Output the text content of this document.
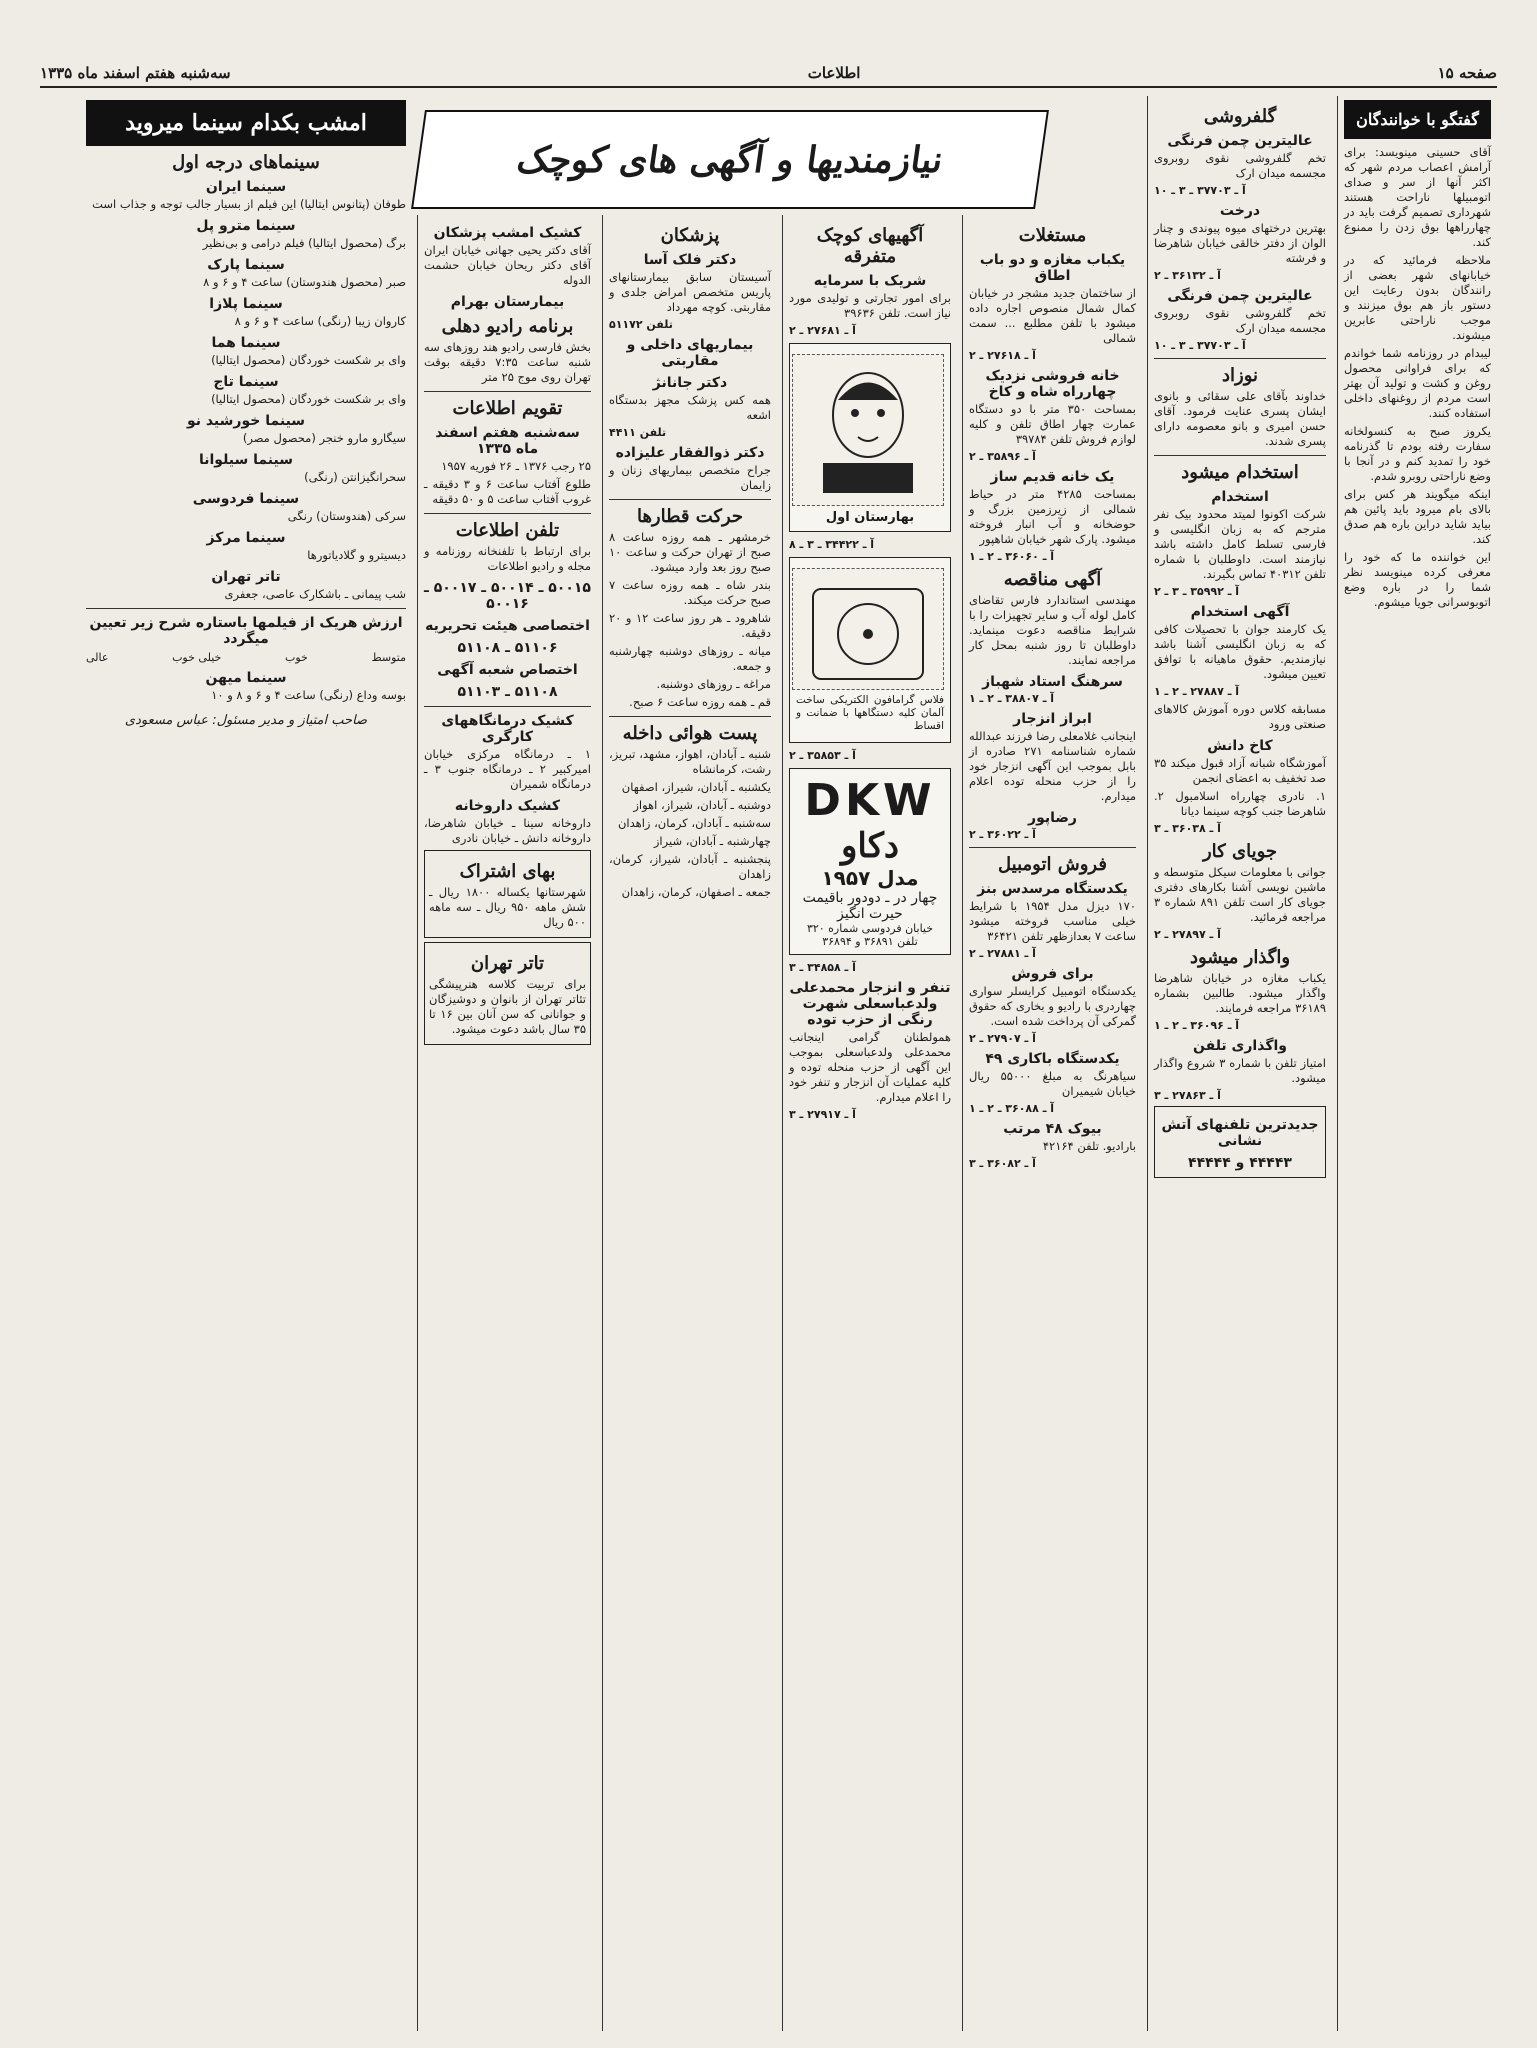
صفحه ۱۵
اطلاعات
سه‌شنبه هفتم اسفند ماه ۱۳۳۵
گفتگو با خوانندگان

آقای حسینی مینویسد: برای آرامش اعصاب مردم شهر که اکثر آنها از سر و صدای اتومبیلها ناراحت هستند شهرداری تصمیم گرفت باید در چهارراهها بوق زدن را ممنوع کند.

ملاحظه فرمائید که در خیابانهای شهر بعضی از رانندگان بدون رعایت این دستور باز هم بوق میزنند و موجب ناراحتی عابرین میشوند.

لیبدام در روزنامه شما خواندم که برای فراوانی محصول روغن و کشت و تولید آن بهتر است مردم از روغنهای داخلی استفاده کنند.

یکروز صبح به کنسولخانه سفارت رفته بودم تا گذرنامه خود را تمدید کنم و در آنجا با وضع ناراحتی روبرو شدم.

اینکه میگویند هر کس برای بالای بام میرود باید پائین هم بیاید شاید دراین باره هم صدق کند.

این خواننده ما که خود را معرفی کرده مینویسد نظر شما را در باره وضع اتوبوسرانی جویا میشوم.

گلفروشی
عالیترین چمن فرنگی

تخم گلفروشی نقوی روبروی مجسمه میدان ارک

آ ـ ۳۷۷۰۳ ـ ۳ ـ ۱۰
درخت

بهترین درختهای میوه پیوندی و چنار الوان از دفتر خالقی خیابان شاهرضا و فرشته

آ ـ ۳۶۱۳۲ ـ ۲
عالیترین چمن فرنگی

تخم گلفروشی نقوی روبروی مجسمه میدان ارک

آ ـ ۳۷۷۰۳ ـ ۳ ـ ۱۰
نوزاد

خداوند بآقای علی سقائی و بانوی ایشان پسری عنایت فرمود. آقای حسن امیری و بانو معصومه دارای پسری شدند.

استخدام میشود
استخدام

شرکت اکونوا لمیتد محدود بیک نفر مترجم که به زبان انگلیسی و فارسی تسلط کامل داشته باشد نیازمند است. داوطلبان با شماره تلفن ۴۰۳۱۲ تماس بگیرند.

آ ـ ۳۵۹۹۲ ـ ۳ ـ ۲
آگهی استخدام

یک کارمند جوان با تحصیلات کافی که به زبان انگلیسی آشنا باشد نیازمندیم. حقوق ماهیانه با توافق تعیین میشود.

آ ـ ۲۷۸۸۷ ـ ۲ ـ ۱

مسابقه کلاس دوره آموزش کالاهای صنعتی ورود

کاخ دانش

آموزشگاه شبانه آزاد قبول میکند ۳۵ صد تخفیف به اعضای انجمن

۱. نادری چهارراه اسلامبول ۲. شاهرضا جنب کوچه سینما دیانا

آ ـ ۳۶۰۳۸ ـ ۳
جویای کار

جوانی با معلومات سیکل متوسطه و ماشین نویسی آشنا بکارهای دفتری جویای کار است تلفن ۸۹۱ شماره ۳ مراجعه فرمائید.

آ ـ ۲۷۸۹۷ ـ ۲
واگذار میشود

یکباب مغازه در خیابان شاهرضا واگذار میشود. طالبین بشماره ۳۶۱۸۹ مراجعه فرمایند.

آ ـ ۳۶۰۹۶ ـ ۲ ـ ۱
واگذاری تلفن

امتیاز تلفن با شماره ۳ شروع واگذار میشود.

آ ـ ۲۷۸۶۳ ـ ۳
جدیدترین تلفنهای آتش نشانی
۴۴۴۴۳ و ۴۴۴۴۴
نیازمندیها و آگهی های کوچک
مستغلات
یکباب مغازه و دو باب اطاق

از ساختمان جدید مشجر در خیابان کمال شمال منصوص اجاره داده میشود با تلفن مطلبع ... سمت شمالی

آ ـ ۲۷۶۱۸ ـ ۲
خانه فروشی نزدیک چهارراه شاه و کاخ

بمساحت ۳۵۰ متر با دو دستگاه عمارت چهار اطاق تلفن و کلیه لوازم فروش تلفن ۳۹۷۸۴

آ ـ ۳۵۸۹۶ ـ ۲
یک خانه قدیم ساز

بمساحت ۴۲۸۵ متر در حیاط شمالی از زیرزمین بزرگ و حوضخانه و آب انبار فروخته میشود. پارک شهر خیابان شاهپور

آ ـ ۳۶۰۶۰ ـ ۲ ـ ۱
آگهی مناقصه

مهندسی استاندارد فارس تقاضای کامل لوله آب و سایر تجهیزات را با شرایط مناقصه دعوت مینماید. داوطلبان تا روز شنبه بمحل کار مراجعه نمایند.

سرهنگ استاد شهباز
آ ـ ۳۸۸۰۷ ـ ۲ ـ ۱
ابراز انزجار

اینجانب غلامعلی رضا فرزند عبدالله شماره شناسنامه ۲۷۱ صادره از بابل بموجب این آگهی انزجار خود را از حزب منحله توده اعلام میدارم.

رضاپور
آ ـ ۳۶۰۲۲ ـ ۲
فروش اتومبیل
یکدستگاه مرسدس بنز

۱۷۰ دیزل مدل ۱۹۵۴ با شرایط خیلی مناسب فروخته میشود ساعت ۷ بعدازظهر تلفن ۳۶۴۲۱

آ ـ ۲۷۸۸۱ ـ ۲
برای فروش

یکدستگاه اتومبیل کرایسلر سواری چهاردری با رادیو و بخاری که حقوق گمرکی آن پرداخت شده است.

آ ـ ۲۷۹۰۷ ـ ۲
یکدستگاه باکاری ۴۹

سیاهرنگ به مبلغ ۵۵۰۰۰ ریال خیابان شیمیران

آ ـ ۳۶۰۸۸ ـ ۲ ـ ۱
بیوک ۴۸ مرتب

بارادیو. تلفن ۴۲۱۶۴

آ ـ ۳۶۰۸۲ ـ ۳
آگهیهای کوچک متفرقه
شریک با سرمایه

برای امور تجارتی و تولیدی مورد نیاز است. تلفن ۳۹۶۳۶

آ ـ ۲۷۶۸۱ ـ ۲
بهارستان اول
آ ـ ۳۴۴۲۲ ـ ۳ ـ ۸

فلاس گرامافون الکتریکی ساخت آلمان کلیه دستگاهها با ضمانت و اقساط

آ ـ ۳۵۸۵۳ ـ ۲
DKW
دکاو
مدل ۱۹۵۷
چهار در ـ دودور باقیمت حیرت انگیز
خیابان فردوسی شماره ۳۲۰
تلفن ۳۶۸۹۱ و ۳۶۸۹۴
آ ـ ۳۴۸۵۸ ـ ۳
تنفر و انزجار محمدعلی ولدعباسعلی شهرت رنگی از حزب توده

همولطنان گرامی اینجانب محمدعلی ولدعباسعلی بموجب این آگهی از حزب منحله توده و کلیه عملیات آن انزجار و تنفر خود را اعلام میدارم.

آ ـ ۲۷۹۱۷ ـ ۳
پزشکان
دکتر فلک آسا

آسیستان سابق بیمارستانهای پاریس متخصص امراض جلدی و مقاربتی. کوچه مهرداد

تلفن ۵۱۱۷۲
بیماریهای داخلی و مقاربتی
دکتر جانانژ

همه کس پزشک مجهز بدستگاه اشعه

تلفن ۴۴۱۱
دکتر ذوالفقار علیزاده

جراح متخصص بیماریهای زنان و زایمان

حرکت قطارها

خرمشهر ـ همه روزه ساعت ۸ صبح از تهران حرکت و ساعت ۱۰ صبح روز بعد وارد میشود.

بندر شاه ـ همه روزه ساعت ۷ صبح حرکت میکند.

شاهرود ـ هر روز ساعت ۱۲ و ۲۰ دقیقه.

میانه ـ روزهای دوشنبه چهارشنبه و جمعه.

مراغه ـ روزهای دوشنبه.

قم ـ همه روزه ساعت ۶ صبح.

پست هوائی داخله

شنبه ـ آبادان، اهواز، مشهد، تبریز، رشت، کرمانشاه

یکشنبه ـ آبادان، شیراز، اصفهان

دوشنبه ـ آبادان، شیراز، اهواز

سه‌شنبه ـ آبادان، کرمان، زاهدان

چهارشنبه ـ آبادان، شیراز

پنجشنبه ـ آبادان، شیراز، کرمان، زاهدان

جمعه ـ اصفهان، کرمان، زاهدان

کشیک امشب پزشکان

آقای دکتر یحیی جهانی خیابان ایران آقای دکتر ریحان خیابان حشمت الدوله

بیمارستان بهرام
برنامه رادیو دهلی

بخش فارسی رادیو هند روزهای سه شنبه ساعت ۷:۳۵ دقیقه بوقت تهران روی موج ۲۵ متر

تقویم اطلاعات
سه‌شنبه هفتم اسفند ماه ۱۳۳۵

۲۵ رجب ۱۳۷۶ ـ ۲۶ فوریه ۱۹۵۷

طلوع آفتاب ساعت ۶ و ۳ دقیقه ـ غروب آفتاب ساعت ۵ و ۵۰ دقیقه

تلفن اطلاعات

برای ارتباط با تلفنخانه روزنامه و مجله و رادیو اطلاعات

۵۰۰۱۵ ـ ۵۰۰۱۴ ـ ۵۰۰۱۷ ـ ۵۰۰۱۶
اختصاصی هیئت تحریریه
۵۱۱۰۶ ـ ۵۱۱۰۸
اختصاص شعبه آگهی
۵۱۱۰۸ ـ ۵۱۱۰۳
کشیک درمانگاههای کارگری

۱ ـ درمانگاه مرکزی خیابان امیرکبیر ۲ ـ درمانگاه جنوب ۳ ـ درمانگاه شمیران

کشیک داروخانه

داروخانه سینا ـ خیابان شاهرضا، داروخانه دانش ـ خیابان نادری

بهای اشتراک

شهرستانها یکساله ۱۸۰۰ ریال ـ شش ماهه ۹۵۰ ریال ـ سه ماهه ۵۰۰ ریال

تاتر تهران

برای تربیت کلاسه هنرپیشگی تئاتر تهران از بانوان و دوشیزگان و جوانانی که سن آنان بین ۱۶ تا ۳۵ سال باشد دعوت میشود.

امشب بکدام سینما میروید
سینماهای درجه اول
سینما ایران

طوفان (پتانوس ایتالیا) این فیلم از بسیار جالب توجه و جذاب است

سینما مترو پل

برگ (محصول ایتالیا) فیلم درامی و بی‌نظیر

سینما پارک

صبر (محصول هندوستان) ساعت ۴ و ۶ و ۸

سینما پلازا

کاروان زیبا (رنگی) ساعت ۴ و ۶ و ۸

سینما هما

وای بر شکست خوردگان (محصول ایتالیا)

سینما تاج

وای بر شکست خوردگان (محصول ایتالیا)

سینما خورشید نو

سیگارو مارو خنجر (محصول مصر)

سینما سیلوانا

سحرانگیزانتن (رنگی)

سینما فردوسی

سرکی (هندوستان) رنگی

سینما مرکز

دیسیترو و گلادیاتورها

تاتر تهران

شب پیمانی ـ باشکارک عاصی، جعفری

ارزش هریک از فیلمها باستاره شرح زیر تعیین میگردد
متوسط
خوب
خیلی خوب
عالی
سینما میهن

بوسه وداع (رنگی) ساعت ۴ و ۶ و ۸ و ۱۰

صاحب امتیاز و مدیر مسئول: عباس مسعودی
